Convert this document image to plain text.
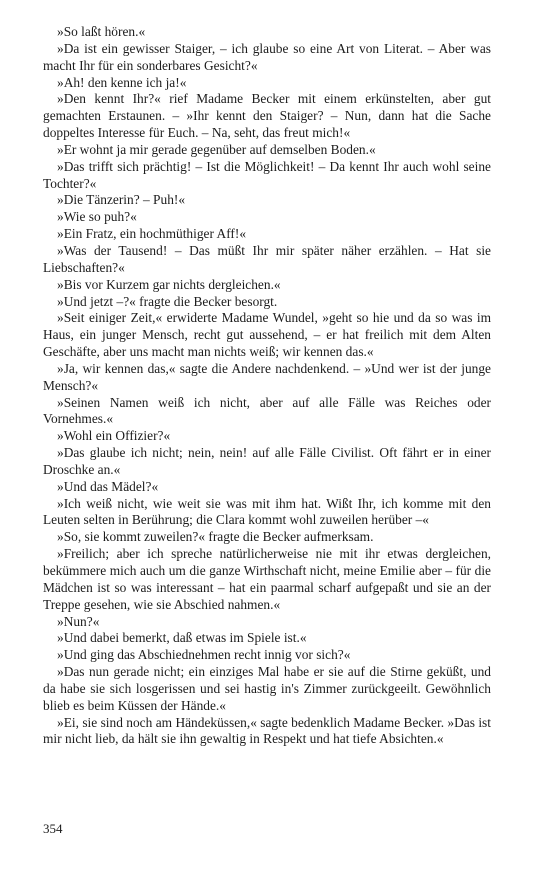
»So laßt hören.«

»Da ist ein gewisser Staiger, – ich glaube so eine Art von Literat. – Aber was macht Ihr für ein sonderbares Gesicht?«

»Ah! den kenne ich ja!«

»Den kennt Ihr?« rief Madame Becker mit einem erkünstelten, aber gut gemachten Erstaunen. – »Ihr kennt den Staiger? – Nun, dann hat die Sache doppeltes Interesse für Euch. – Na, seht, das freut mich!«

»Er wohnt ja mir gerade gegenüber auf demselben Boden.«

»Das trifft sich prächtig! – Ist die Möglichkeit! – Da kennt Ihr auch wohl seine Tochter?«

»Die Tänzerin? – Puh!«

»Wie so puh?«

»Ein Fratz, ein hochmüthiger Aff!«

»Was der Tausend! – Das müßt Ihr mir später näher erzählen. – Hat sie Liebschaften?«

»Bis vor Kurzem gar nichts dergleichen.«

»Und jetzt –?« fragte die Becker besorgt.

»Seit einiger Zeit,« erwiderte Madame Wundel, »geht so hie und da so was im Haus, ein junger Mensch, recht gut aussehend, – er hat freilich mit dem Alten Geschäfte, aber uns macht man nichts weiß; wir kennen das.«

»Ja, wir kennen das,« sagte die Andere nachdenkend. – »Und wer ist der junge Mensch?«

»Seinen Namen weiß ich nicht, aber auf alle Fälle was Reiches oder Vornehmes.«

»Wohl ein Offizier?«

»Das glaube ich nicht; nein, nein! auf alle Fälle Civilist. Oft fährt er in einer Droschke an.«

»Und das Mädel?«

»Ich weiß nicht, wie weit sie was mit ihm hat. Wißt Ihr, ich komme mit den Leuten selten in Berührung; die Clara kommt wohl zuweilen herüber –«

»So, sie kommt zuweilen?« fragte die Becker aufmerksam.

»Freilich; aber ich spreche natürlicherweise nie mit ihr etwas dergleichen, bekümmere mich auch um die ganze Wirthschaft nicht, meine Emilie aber – für die Mädchen ist so was interessant – hat ein paarmal scharf aufgepaßt und sie an der Treppe gesehen, wie sie Abschied nahmen.«

»Nun?«

»Und dabei bemerkt, daß etwas im Spiele ist.«

»Und ging das Abschiednehmen recht innig vor sich?«

»Das nun gerade nicht; ein einziges Mal habe er sie auf die Stirne geküßt, und da habe sie sich losgerissen und sei hastig in's Zimmer zurückgeeilt. Gewöhnlich blieb es beim Küssen der Hände.«

»Ei, sie sind noch am Händeküssen,« sagte bedenklich Madame Becker. »Das ist mir nicht lieb, da hält sie ihn gewaltig in Respekt und hat tiefe Absichten.«

354
